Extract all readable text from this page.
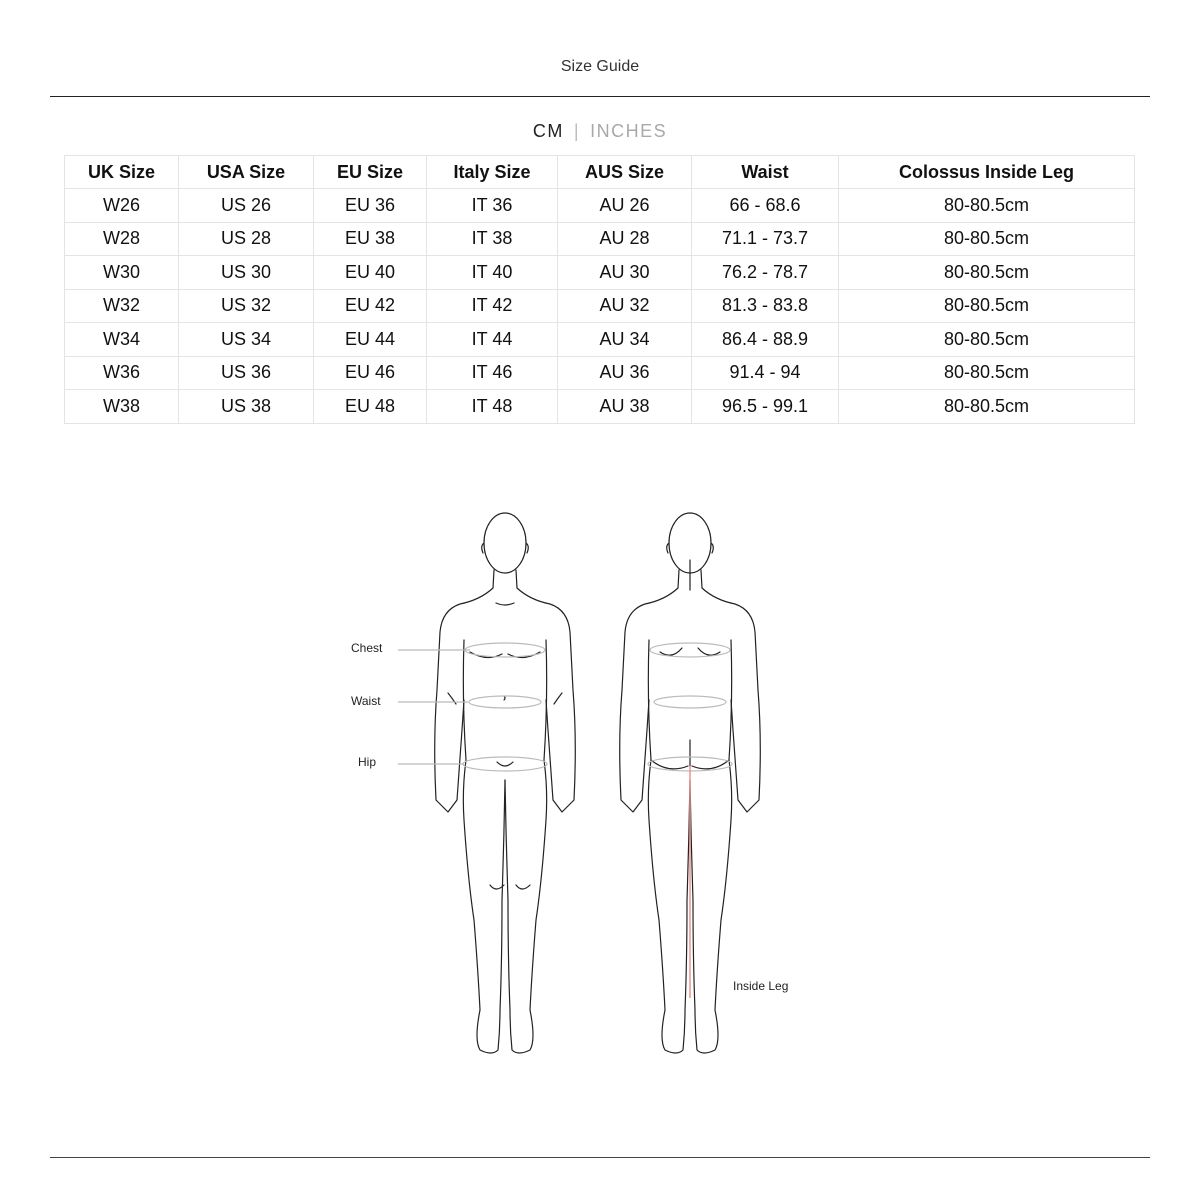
Size Guide
CM | INCHES
UK Size	USA Size	EU Size	Italy Size	AUS Size	Waist	Colossus Inside Leg
W26	US 26	EU 36	IT 36	AU 26	66 - 68.6	80-80.5cm
W28	US 28	EU 38	IT 38	AU 28	71.1 - 73.7	80-80.5cm
W30	US 30	EU 40	IT 40	AU 30	76.2 - 78.7	80-80.5cm
W32	US 32	EU 42	IT 42	AU 32	81.3 - 83.8	80-80.5cm
W34	US 34	EU 44	IT 44	AU 34	86.4 - 88.9	80-80.5cm
W36	US 36	EU 46	IT 46	AU 36	91.4 - 94	80-80.5cm
W38	US 38	EU 48	IT 48	AU 38	96.5 - 99.1	80-80.5cm
Chest
Waist
Hip
Inside Leg
